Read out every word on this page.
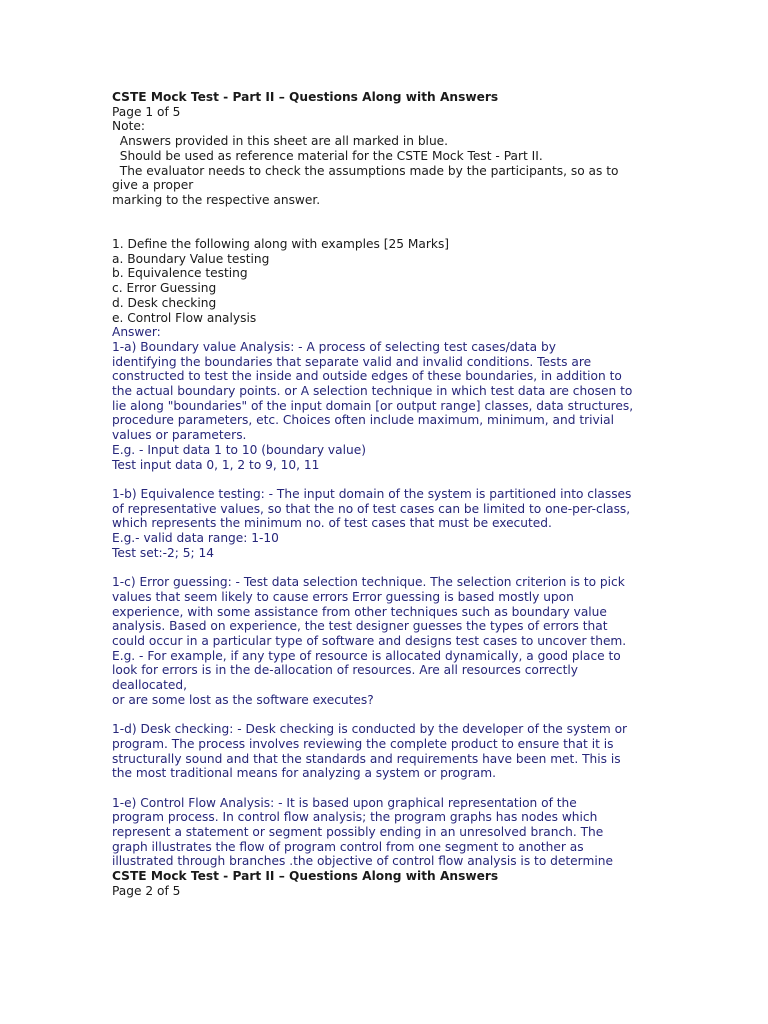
CSTE Mock Test - Part II – Questions Along with Answers
Page 1 of 5
Note:
Answers provided in this sheet are all marked in blue.
Should be used as reference material for the CSTE Mock Test - Part II.
The evaluator needs to check the assumptions made by the participants, so as to
give a proper
marking to the respective answer.
1. Define the following along with examples [25 Marks]
a. Boundary Value testing
b. Equivalence testing
c. Error Guessing
d. Desk checking
e. Control Flow analysis
Answer:
1-a) Boundary value Analysis: - A process of selecting test cases/data by
identifying the boundaries that separate valid and invalid conditions. Tests are
constructed to test the inside and outside edges of these boundaries, in addition to
the actual boundary points. or A selection technique in which test data are chosen to
lie along "boundaries" of the input domain [or output range] classes, data structures,
procedure parameters, etc. Choices often include maximum, minimum, and trivial
values or parameters.
E.g. - Input data 1 to 10 (boundary value)
Test input data 0, 1, 2 to 9, 10, 11
1-b) Equivalence testing: - The input domain of the system is partitioned into classes
of representative values, so that the no of test cases can be limited to one-per-class,
which represents the minimum no. of test cases that must be executed.
E.g.- valid data range: 1-10
Test set:-2; 5; 14
1-c) Error guessing: - Test data selection technique. The selection criterion is to pick
values that seem likely to cause errors Error guessing is based mostly upon
experience, with some assistance from other techniques such as boundary value
analysis. Based on experience, the test designer guesses the types of errors that
could occur in a particular type of software and designs test cases to uncover them.
E.g. - For example, if any type of resource is allocated dynamically, a good place to
look for errors is in the de-allocation of resources. Are all resources correctly
deallocated,
or are some lost as the software executes?
1-d) Desk checking: - Desk checking is conducted by the developer of the system or
program. The process involves reviewing the complete product to ensure that it is
structurally sound and that the standards and requirements have been met. This is
the most traditional means for analyzing a system or program.
1-e) Control Flow Analysis: - It is based upon graphical representation of the
program process. In control flow analysis; the program graphs has nodes which
represent a statement or segment possibly ending in an unresolved branch. The
graph illustrates the flow of program control from one segment to another as
illustrated through branches .the objective of control flow analysis is to determine
CSTE Mock Test - Part II – Questions Along with Answers
Page 2 of 5
